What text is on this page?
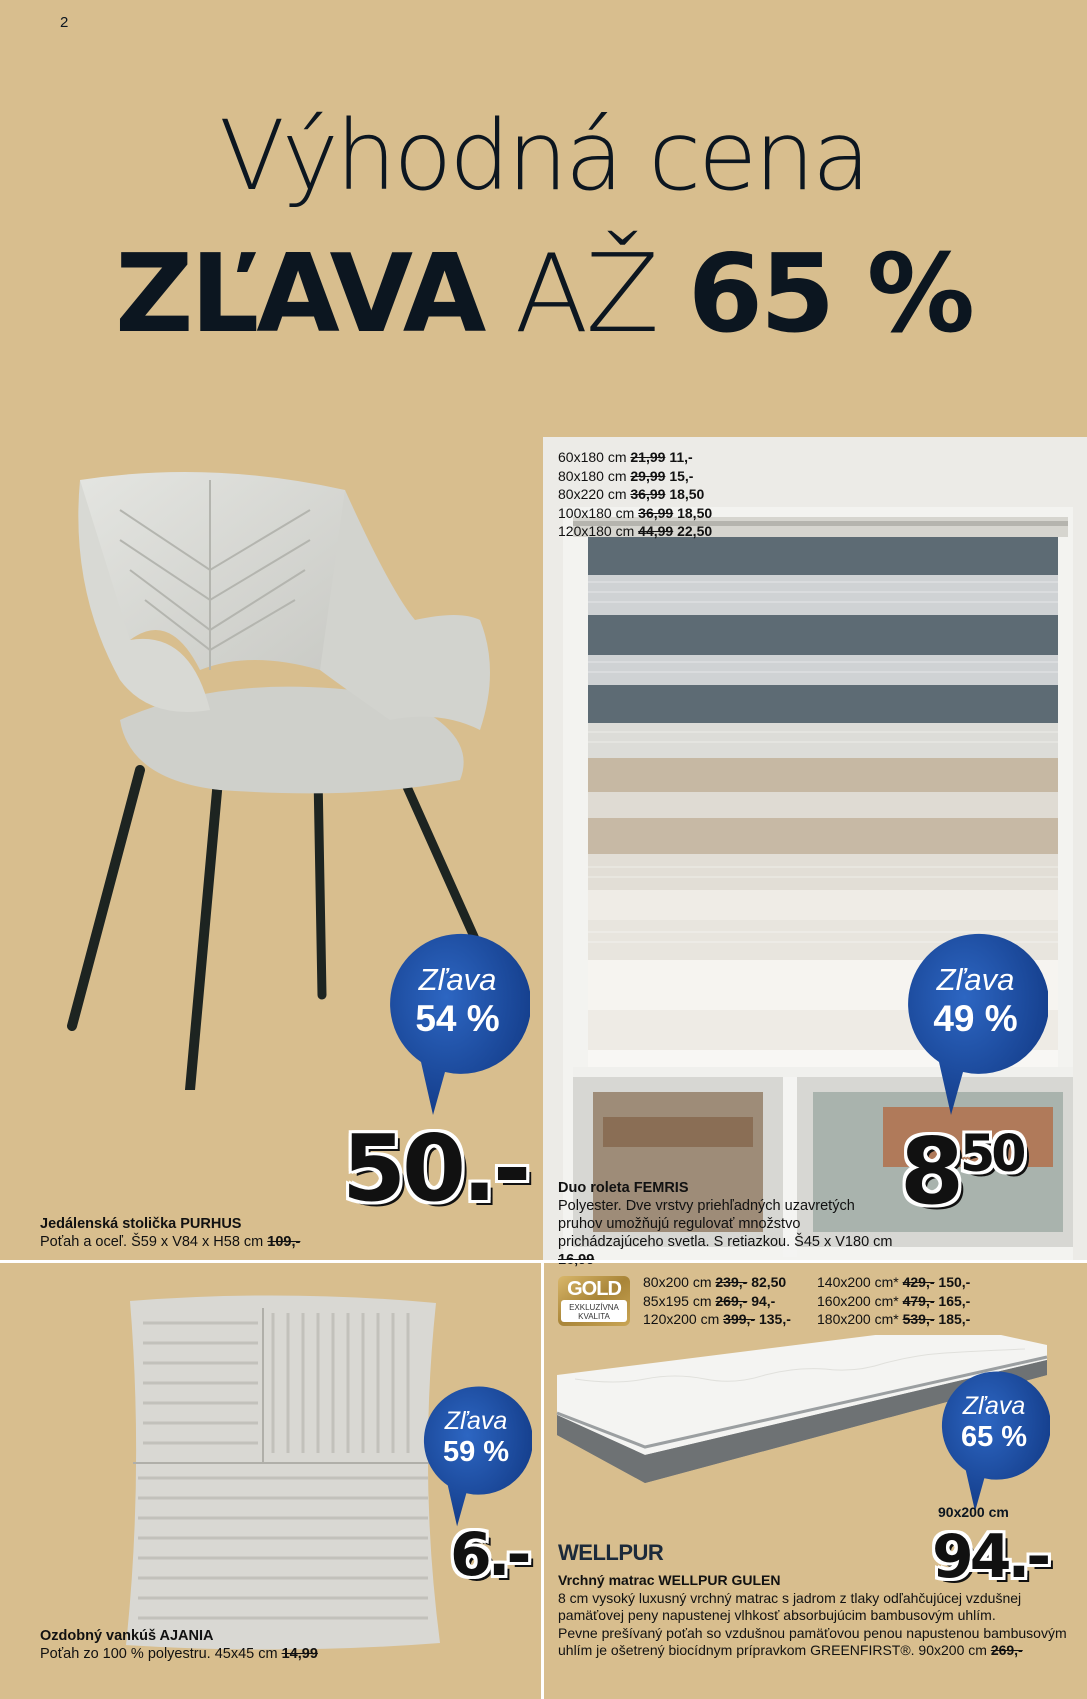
2
Výhodná cena
ZĽAVA AŽ 65 %
Zľava
54 %
50.-
Jedálenská stolička PURHUS
Poťah a oceľ. Š59 x V84 x H58 cm 109,-
60x180 cm 21,99 11,-
80x180 cm 29,99 15,-
80x220 cm 36,99 18,50
100x180 cm 36,99 18,50
120x180 cm 44,99 22,50
Zľava
49 %
$8^{50}$
Duo roleta FEMRIS
Polyester. Dve vrstvy priehľadných uzavretých pruhov umožňujú regulovať množstvo prichádzajúceho svetla. S retiazkou. Š45 x V180 cm
Zľava
59 %
6.-
Ozdobný vankúš AJANIA
Poťah zo 100 % polyestru. 45x45 cm 14,99
GOLD
EXKLUZÍVNA KVALITA
80x200 cm 239,- 82,50
85x195 cm 269,- 94,-
120x200 cm 399,- 135,-
140x200 cm* 429,- 150,-
160x200 cm* 479,- 165,-
180x200 cm* 539,- 185,-
Zľava
65 %
90x200 cm
94.-
WELLPUR
Vrchný matrac WELLPUR GULEN
8 cm vysoký luxusný vrchný matrac s jadrom z tlaky odľahčujúcej vzdušnej pamäťovej peny napustenej vlhkosť absorbujúcim bambusovým uhlím.
Pevne prešívaný poťah so vzdušnou pamäťovou penou napustenou bambusovým uhlím je ošetrený biocídnym prípravkom GREENFIRST®. 90x200 cm 269,-
